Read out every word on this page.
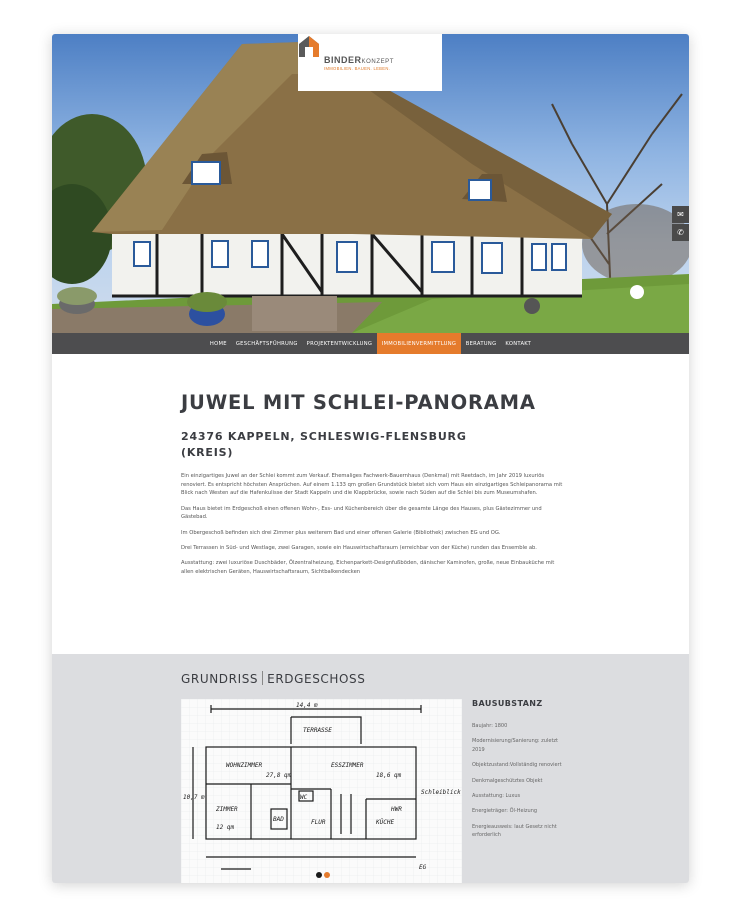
BINDERKONZEPT
IMMOBILIEN. BAUEN. LEBEN.
✉
✆
HOME	GESCHÄFTSFÜHRUNG	PROJEKTENTWICKLUNG	IMMOBILIENVERMITTLUNG	BERATUNG	KONTAKT
JUWEL MIT SCHLEI-PANORAMA
24376 KAPPELN, SCHLESWIG-FLENSBURG
(KREIS)

Ein einzigartiges Juwel an der Schlei kommt zum Verkauf. Ehemaliges Fachwerk-Bauernhaus (Denkmal) mit Reetdach, im Jahr 2019 luxuriös renoviert. Es entspricht höchsten Ansprüchen. Auf einem 1.133 qm großen Grundstück bietet sich vom Haus ein einzigartiges Schleipanorama mit Blick nach Westen auf die Hafenkulisse der Stadt Kappeln und die Klappbrücke, sowie nach Süden auf die Schlei bis zum Museumshafen.

Das Haus bietet im Erdgeschoß einen offenen Wohn-, Ess- und Küchenbereich über die gesamte Länge des Hauses, plus Gästezimmer und Gästebad.

Im Obergeschoß befinden sich drei Zimmer plus weiterem Bad und einer offenen Galerie (Bibliothek) zwischen EG und OG.

Drei Terrassen in Süd- und Westlage, zwei Garagen, sowie ein Hauswirtschaftsraum (erreichbar von der Küche) runden das Ensemble ab.

Ausstattung: zwei luxuriöse Duschbäder, Ölzentralheizung, Eichenparkett-Designfußböden, dänischer Kaminofen, große, neue Einbauküche mit allen elektrischen Geräten, Hauswirtschaftsraum, Sichtbalkendecken

GRUNDRISS ERDGESCHOSS
14,4 m
TERRASSE
WOHNZIMMER
27,8 qm
ESSZIMMER
18,6 qm
ZIMMER
12 qm
BAD
WC
FLUR	KÜCHE
HWR
10,7 m
EG
Schleiblick
BAUSUBSTANZ
Baujahr: 1800
Modernisierung/Sanierung: zuletzt 2019
Objektzustand:Vollständig renoviert
Denkmalgeschütztes Objekt
Ausstattung: Luxus
Energieträger: Öl-Heizung
Energieausweis: laut Gesetz nicht erforderlich
